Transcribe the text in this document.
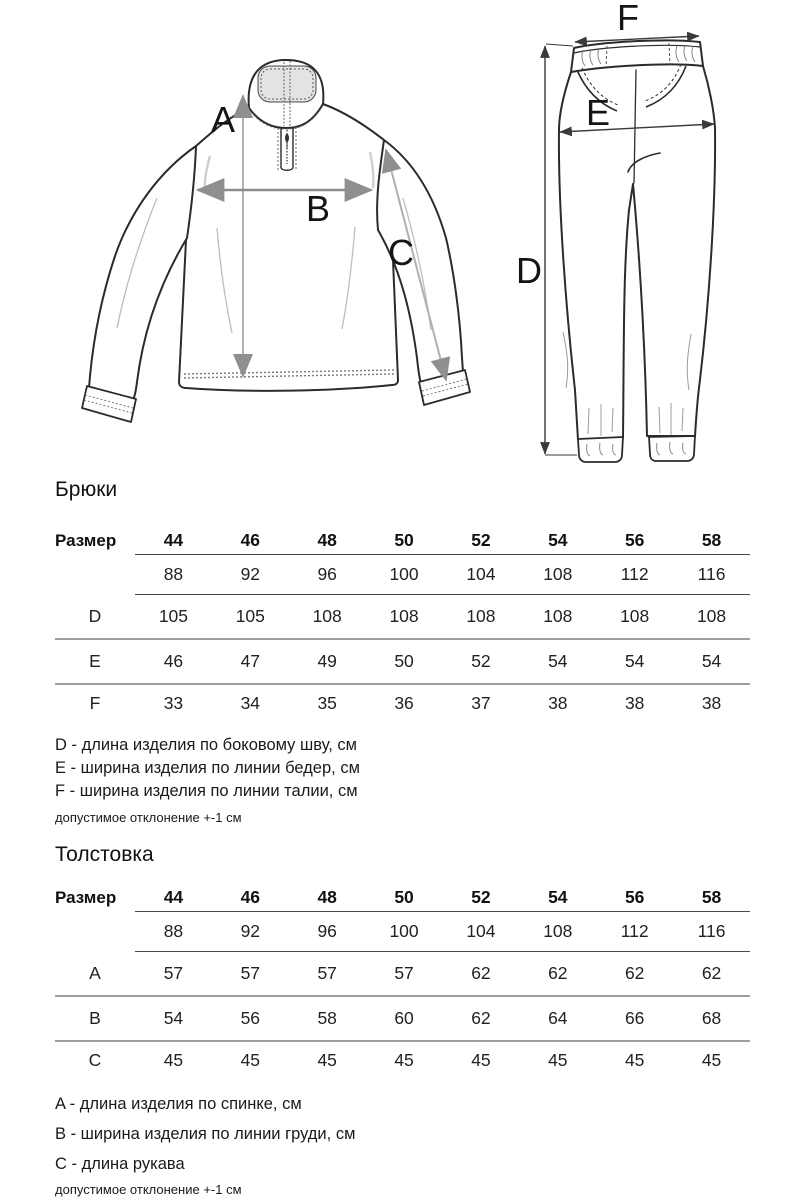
A
B
C
F
E
D
Брюки
Размер	44	46	48	50	52	54	56	58
	88	92	96	100	104	108	112	116
D	105	105	108	108	108	108	108	108
E	46	47	49	50	52	54	54	54
F	33	34	35	36	37	38	38	38
D - длина изделия по боковому шву, см
E - ширина изделия по линии бедер, см
F - ширина изделия по линии талии, см
допустимое отклонение +-1 см
Толстовка
Размер	44	46	48	50	52	54	56	58
	88	92	96	100	104	108	112	116
A	57	57	57	57	62	62	62	62
B	54	56	58	60	62	64	66	68
C	45	45	45	45	45	45	45	45
A - длина изделия по спинке, см
B - ширина изделия по линии груди, см
C - длина рукава
допустимое отклонение +-1 см
